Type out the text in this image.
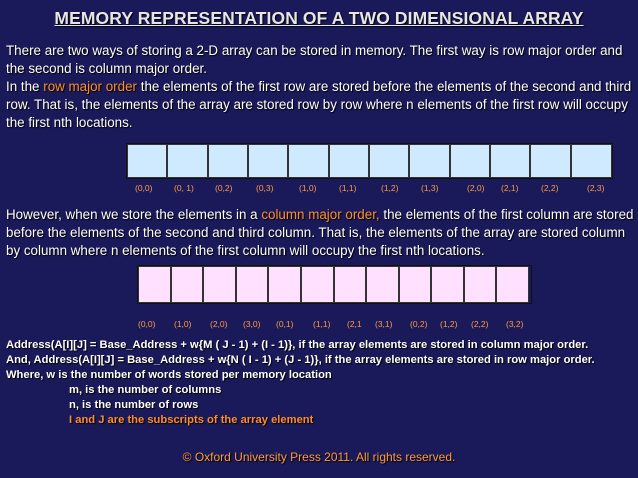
MEMORY REPRESENTATION OF A TWO DIMENSIONAL ARRAY
There are two ways of storing a 2-D array can be stored in memory. The first way is row major order and the second is column major order.
In the row major order the elements of the first row are stored before the elements of the second and third row. That is, the elements of the array are stored row by row where n elements of the first row will occupy the first nth locations.
(0,0)	(0, 1) (0,2)	(0,3)	(1,0)	(1,1)	(1,2)	(1,3)	(2,0) (2,1)	(2,2)	(2,3)
However, when we store the elements in a column major order, the elements of the first column are stored before the elements of the second and third column. That is, the elements of the array are stored column by column where n elements of the first column will occupy the first nth locations.
(0,0) (1,0) (2,0) (3,0) (0,1) (1,1) (2,1 (3,1) (0,2) (1,2) (2,2) (3,2)
Address(A[I][J] = Base_Address + w{M ( J - 1) + (I - 1)}, if the array elements are stored in column major order.
And, Address(A[I][J] = Base_Address + w{N ( I - 1) + (J - 1)}, if the array elements are stored in row major order.
Where, w is the number of words stored per memory location
m, is the number of columns
n, is the number of rows
I and J are the subscripts of the array element
© Oxford University Press 2011. All rights reserved.
